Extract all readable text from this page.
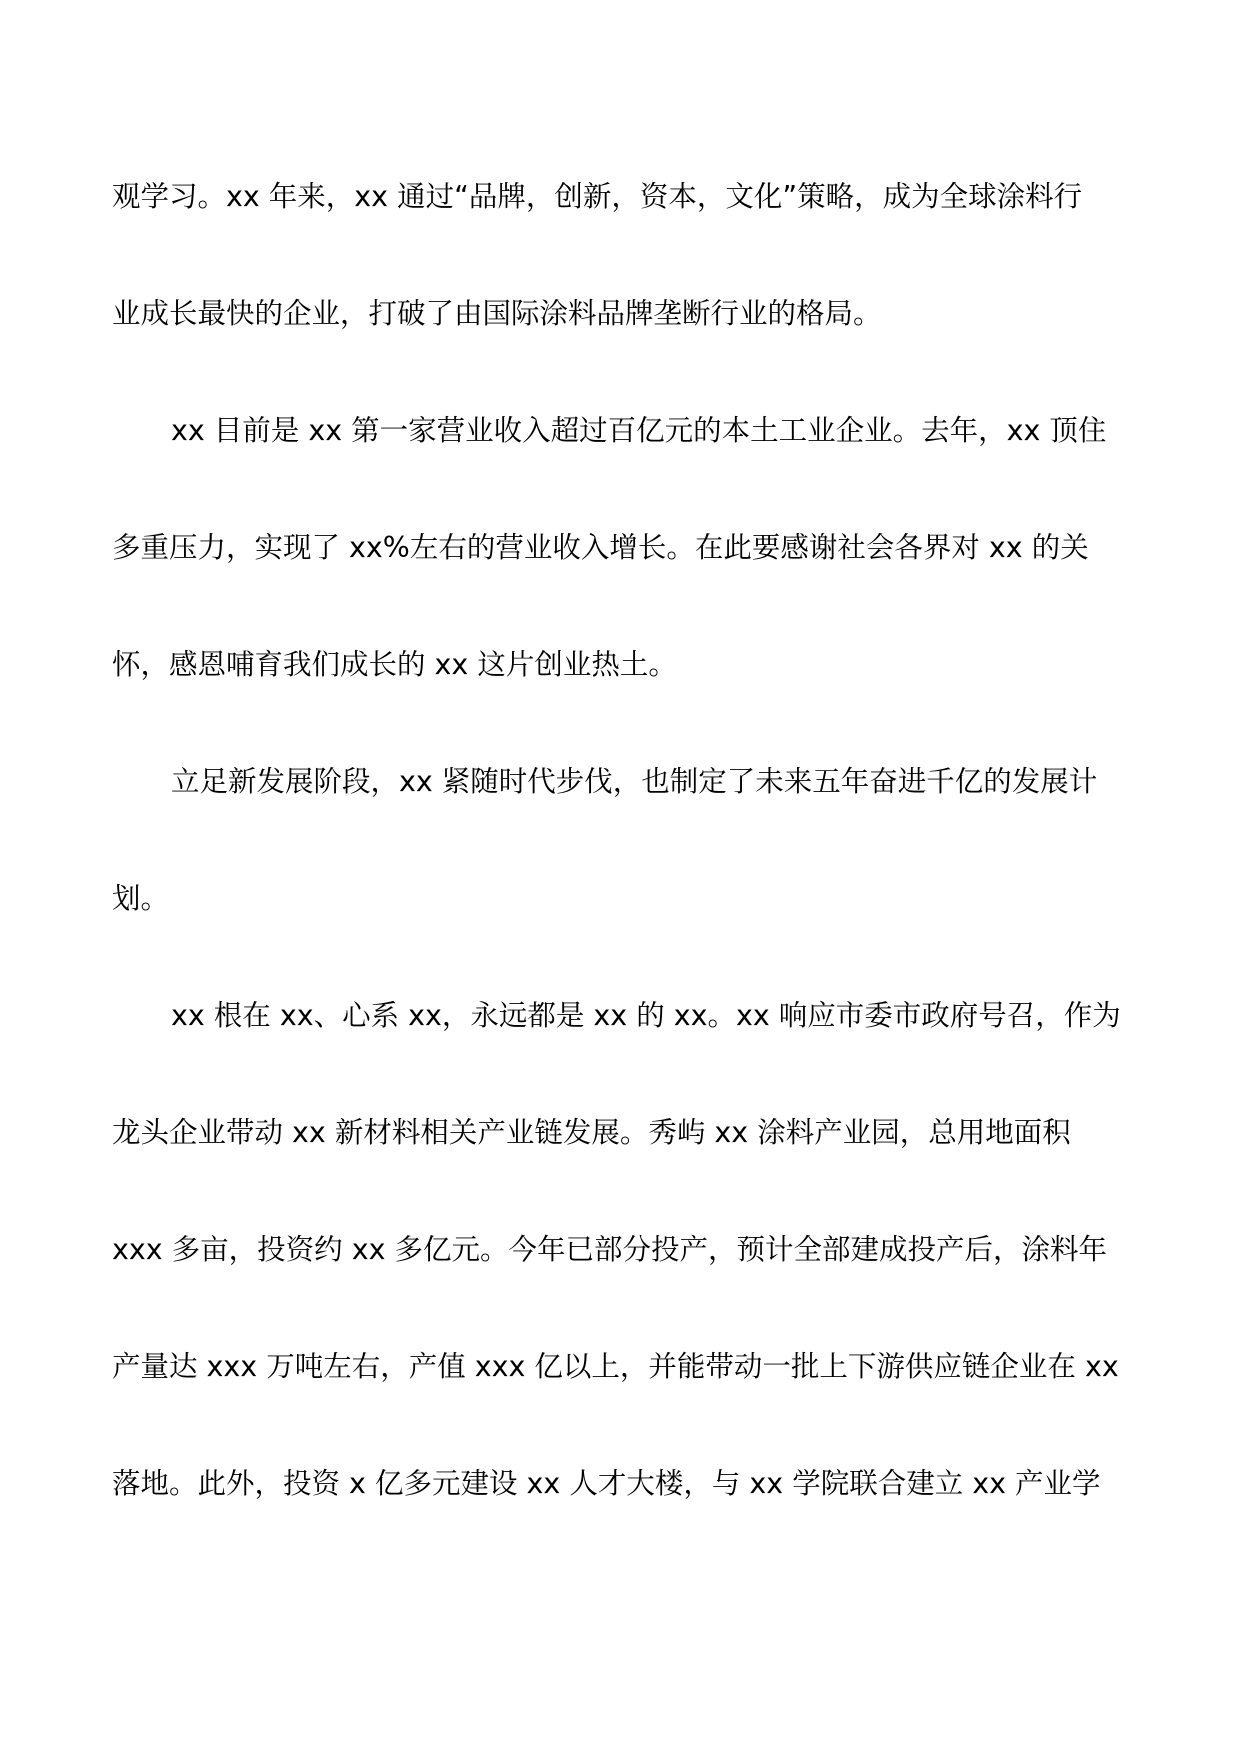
观学习。xx 年来，xx 通过“品牌，创新，资本，文化”策略，成为全球涂料行
业成长最快的企业，打破了由国际涂料品牌垄断行业的格局。
xx 目前是 xx 第一家营业收入超过百亿元的本土工业企业。去年，xx 顶住
多重压力，实现了 xx%左右的营业收入增长。在此要感谢社会各界对 xx 的关
怀，感恩哺育我们成长的 xx 这片创业热土。
立足新发展阶段，xx 紧随时代步伐，也制定了未来五年奋进千亿的发展计
划。
xx 根在 xx、心系 xx，永远都是 xx 的 xx。xx 响应市委市政府号召，作为
龙头企业带动 xx 新材料相关产业链发展。秀屿 xx 涂料产业园，总用地面积
xxx 多亩，投资约 xx 多亿元。今年已部分投产，预计全部建成投产后，涂料年
产量达 xxx 万吨左右，产值 xxx 亿以上，并能带动一批上下游供应链企业在 xx
落地。此外，投资 x 亿多元建设 xx 人才大楼，与 xx 学院联合建立 xx 产业学
